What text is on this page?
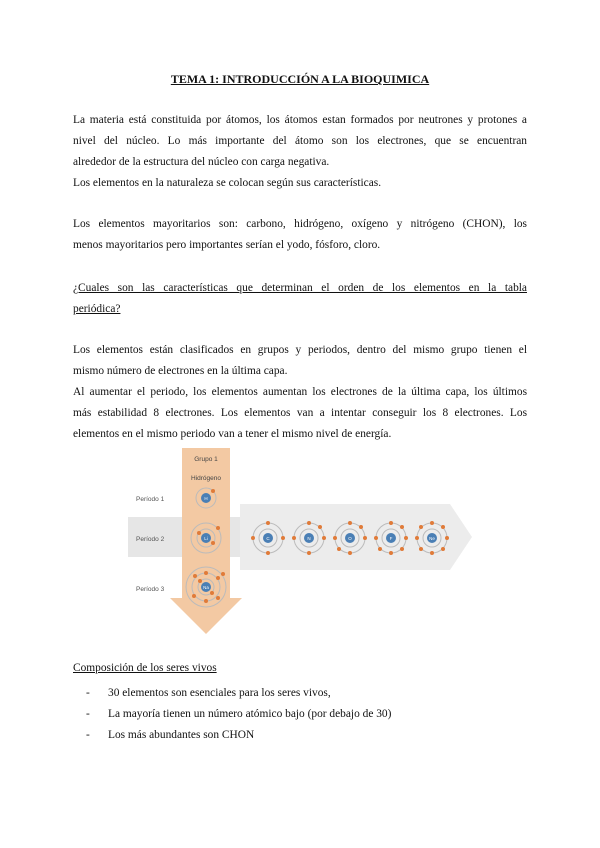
TEMA 1: INTRODUCCIÓN A LA BIOQUIMICA

La materia está constituida por átomos, los átomos estan formados por neutrones y protones a

nivel del núcleo. Lo más importante del átomo son los electrones, que se encuentran

alrededor de la estructura del núcleo con carga negativa.

Los elementos en la naturaleza se colocan según sus características.

Los elementos mayoritarios son: carbono, hidrógeno, oxígeno y nitrógeno (CHON), los

menos mayoritarios pero importantes serían el yodo, fósforo, cloro.

¿Cuales son las características que determinan el orden de los elementos en la tabla

periódica?

Los elementos están clasificados en grupos y periodos, dentro del mismo grupo tienen el

mismo número de electrones en la última capa.

Al aumentar el periodo, los elementos aumentan los electrones de la última capa, los últimos

más estabilidad 8 electrones. Los elementos van a intentar conseguir los 8 electrones. Los

elementos en el mismo periodo van a tener el mismo nivel de energía.

Grupo 1
Hidrógeno
Período 1
Período 2
Período 3
H
Li
Na
C	N	O	F	Ne
Composición de los seres vivos
- 30 elementos son esenciales para los seres vivos,
- La mayoría tienen un número atómico bajo (por debajo de 30)
- Los más abundantes son CHON
